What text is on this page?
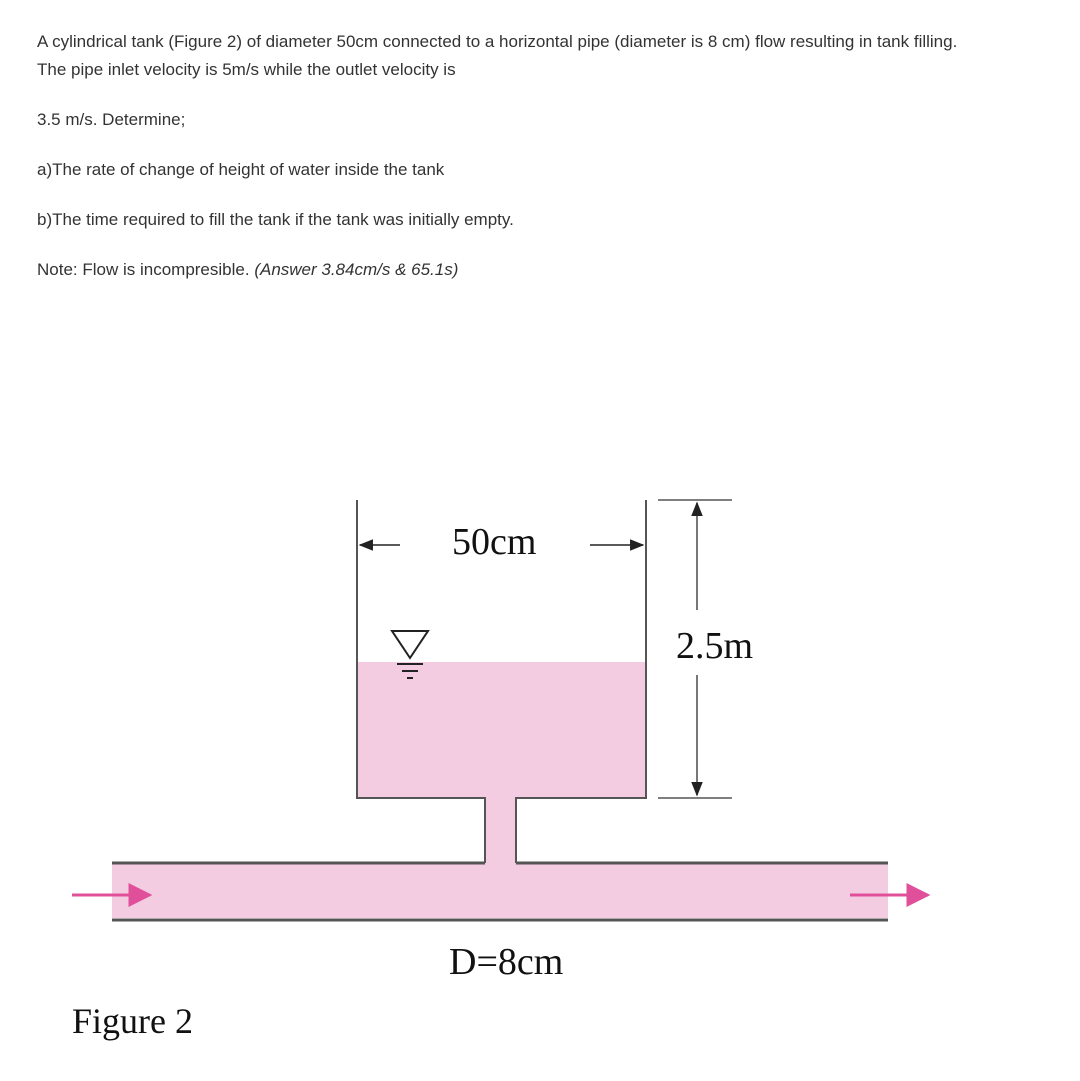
A cylindrical tank (Figure 2) of diameter 50cm connected to a horizontal pipe (diameter is 8 cm) flow resulting in tank filling.

The pipe inlet velocity is 5m/s while the outlet velocity is

3.5 m/s. Determine;

a)The rate of change of height of water inside the tank

b)The time required to fill the tank if the tank was initially empty.

Note: Flow is incompresible. (Answer 3.84cm/s & 65.1s)

50cm
2.5m
D=8cm
Figure 2
